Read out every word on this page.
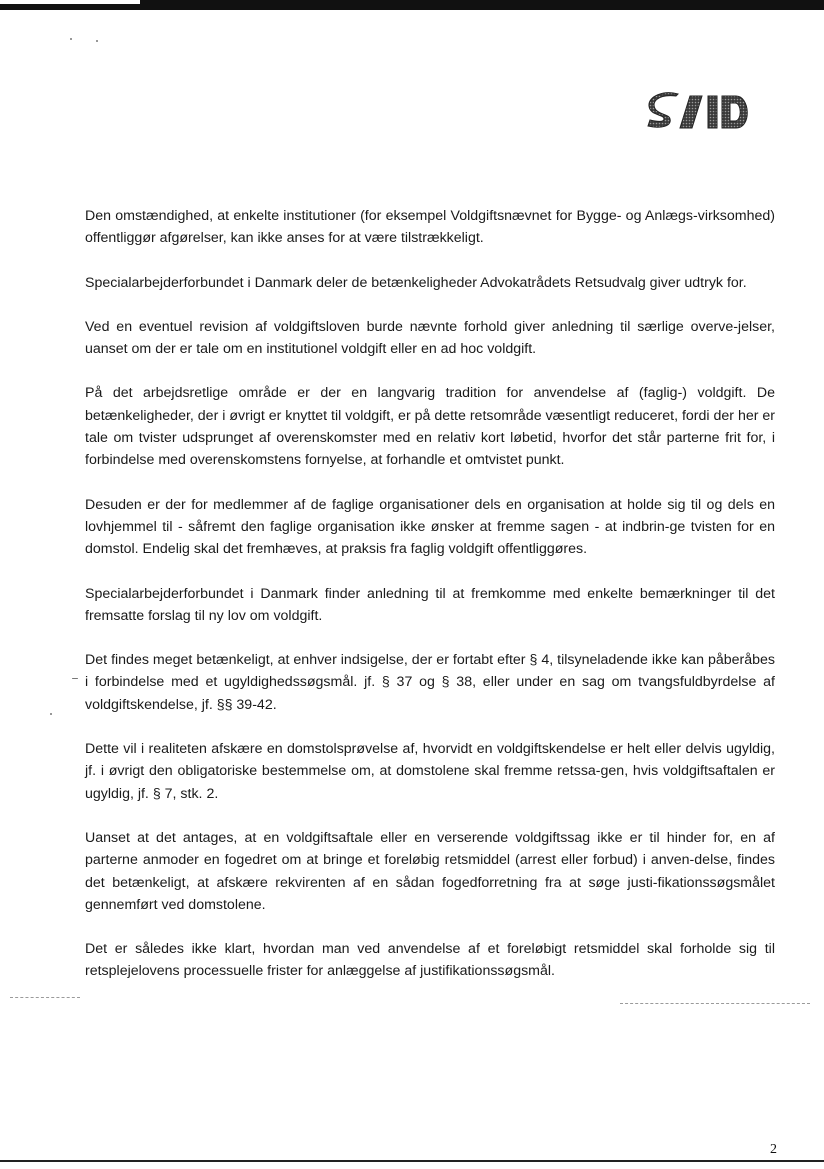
Den omstændighed, at enkelte institutioner (for eksempel Voldgiftsnævnet for Bygge- og Anlægs-virksomhed) offentliggør afgørelser, kan ikke anses for at være tilstrækkeligt.

Specialarbejderforbundet i Danmark deler de betænkeligheder Advokatrådets Retsudvalg giver udtryk for.

Ved en eventuel revision af voldgiftsloven burde nævnte forhold giver anledning til særlige overve-jelser, uanset om der er tale om en institutionel voldgift eller en ad hoc voldgift.

På det arbejdsretlige område er der en langvarig tradition for anvendelse af (faglig-) voldgift. De betænkeligheder, der i øvrigt er knyttet til voldgift, er på dette retsområde væsentligt reduceret, fordi der her er tale om tvister udsprunget af overenskomster med en relativ kort løbetid, hvorfor det står parterne frit for, i forbindelse med overenskomstens fornyelse, at forhandle et omtvistet punkt.

Desuden er der for medlemmer af de faglige organisationer dels en organisation at holde sig til og dels en lovhjemmel til - såfremt den faglige organisation ikke ønsker at fremme sagen - at indbrin-ge tvisten for en domstol. Endelig skal det fremhæves, at praksis fra faglig voldgift offentliggøres.

Specialarbejderforbundet i Danmark finder anledning til at fremkomme med enkelte bemærkninger til det fremsatte forslag til ny lov om voldgift.

Det findes meget betænkeligt, at enhver indsigelse, der er fortabt efter § 4, tilsyneladende ikke kan påberåbes i forbindelse med et ugyldighedssøgsmål. jf. § 37 og § 38, eller under en sag om tvangsfuldbyrdelse af voldgiftskendelse, jf. §§ 39-42.

Dette vil i realiteten afskære en domstolsprøvelse af, hvorvidt en voldgiftskendelse er helt eller delvis ugyldig, jf. i øvrigt den obligatoriske bestemmelse om, at domstolene skal fremme retssa-gen, hvis voldgiftsaftalen er ugyldig, jf. § 7, stk. 2.

Uanset at det antages, at en voldgiftsaftale eller en verserende voldgiftssag ikke er til hinder for, en af parterne anmoder en fogedret om at bringe et foreløbig retsmiddel (arrest eller forbud) i anven-delse, findes det betænkeligt, at afskære rekvirenten af en sådan fogedforretning fra at søge justi-fikationssøgsmålet gennemført ved domstolene.

Det er således ikke klart, hvordan man ved anvendelse af et foreløbigt retsmiddel skal forholde sig til retsplejelovens processuelle frister for anlæggelse af justifikationssøgsmål.

2
